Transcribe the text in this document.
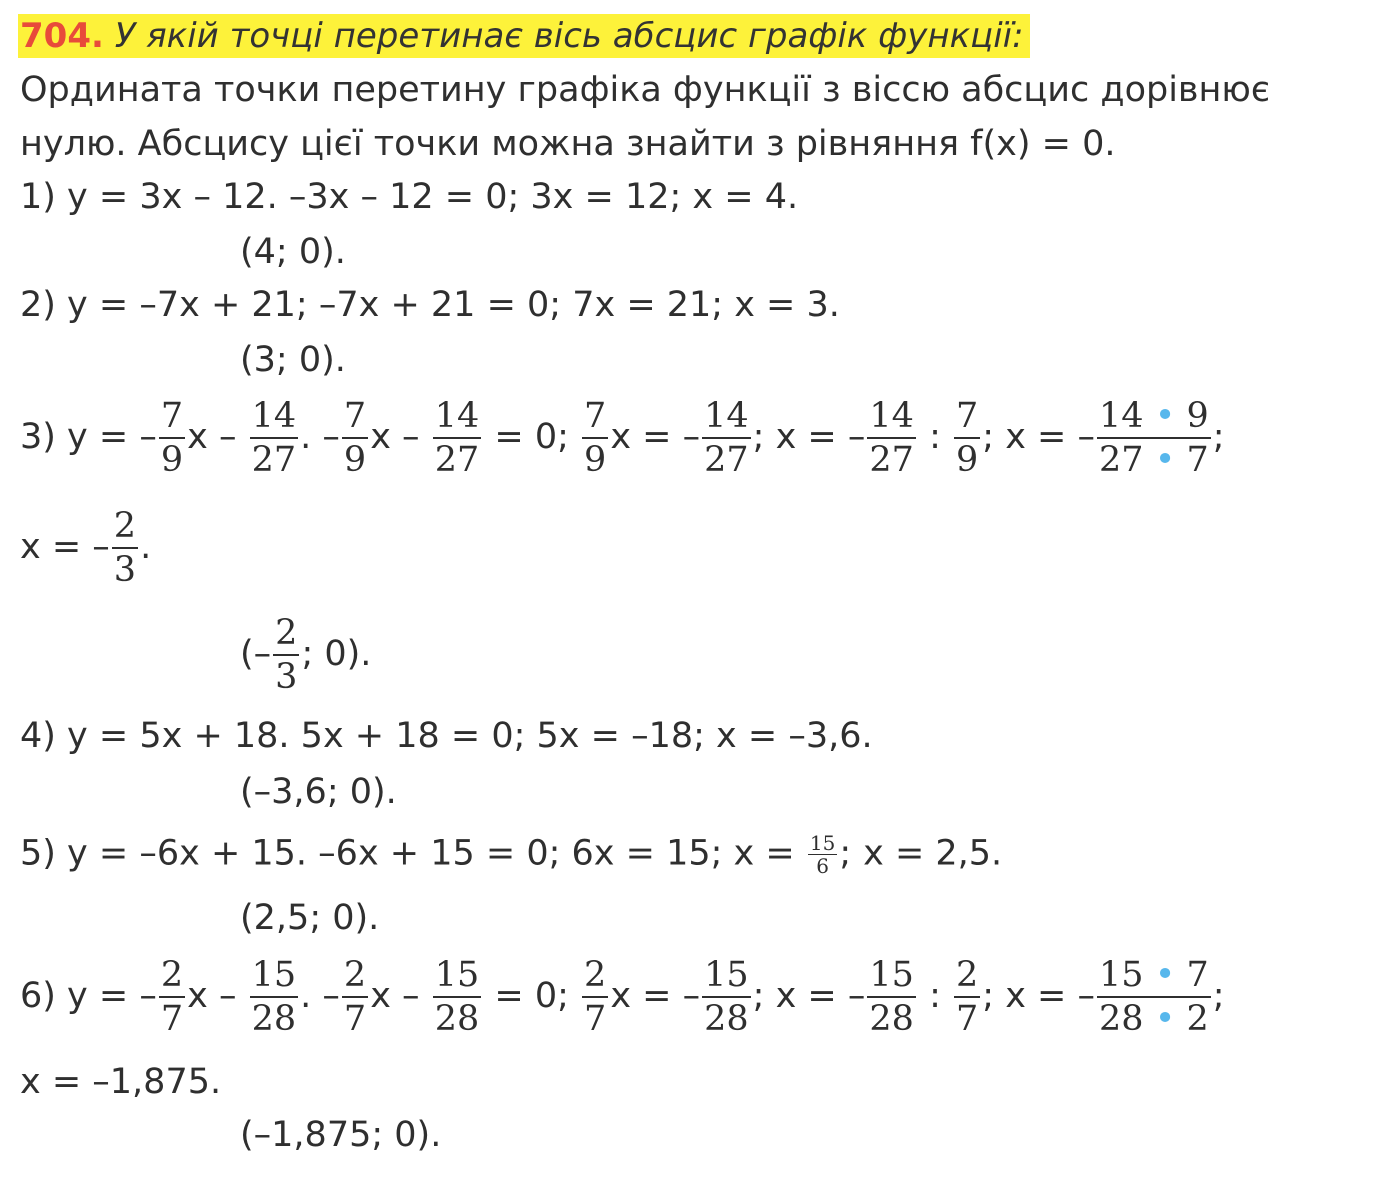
704. У якій точці перетинає вісь абсцис графік функції:
Ордината точки перетину графіка функції з віссю абсцис дорівнює
нулю. Абсцису цієї точки можна знайти з рівняння f(x) = 0.
1) y = 3x – 12. –3x – 12 = 0; 3x = 12; x = 4.
(4; 0).
2) y = –7x + 21; –7x + 21 = 0; 7x = 21; x = 3.
(3; 0).
3) y = – $\frac{7}{9}$ x – $\frac{14}{27}$ . – $\frac{7}{9}$ $x - \frac{14}{27} = 0$; $\frac{7}{9}$ x = – $\frac{14}{27}$ ; x = – $\frac{14}{27}$ : $\frac{7}{9}$ ; x = – $\frac{14 • 9}{27 • 7}$ ;
x = – $\frac{2}{3}$ .
(– $\frac{2}{3}$ ; 0).
4) y = 5x + 18. 5x + 18 = 0; 5x = –18; x = –3,6.
(–3,6; 0).
5) y = –6x + 15. –6x + 15 = 0; 6x = 15; $x = \frac{15}{6}$ ; x = 2,5.
(2,5; 0).
6) y = – $\frac{2}{7}$ x – $\frac{15}{28}$ . – $\frac{2}{7}$ $x - \frac{15}{28} = 0$; $\frac{2}{7}$ x = – $\frac{15}{28}$ ; x = – $\frac{15}{28}$ : $\frac{2}{7}$ ; x = – $\frac{15 • 7}{28 • 2}$ ;
x = –1,875.
(–1,875; 0).
